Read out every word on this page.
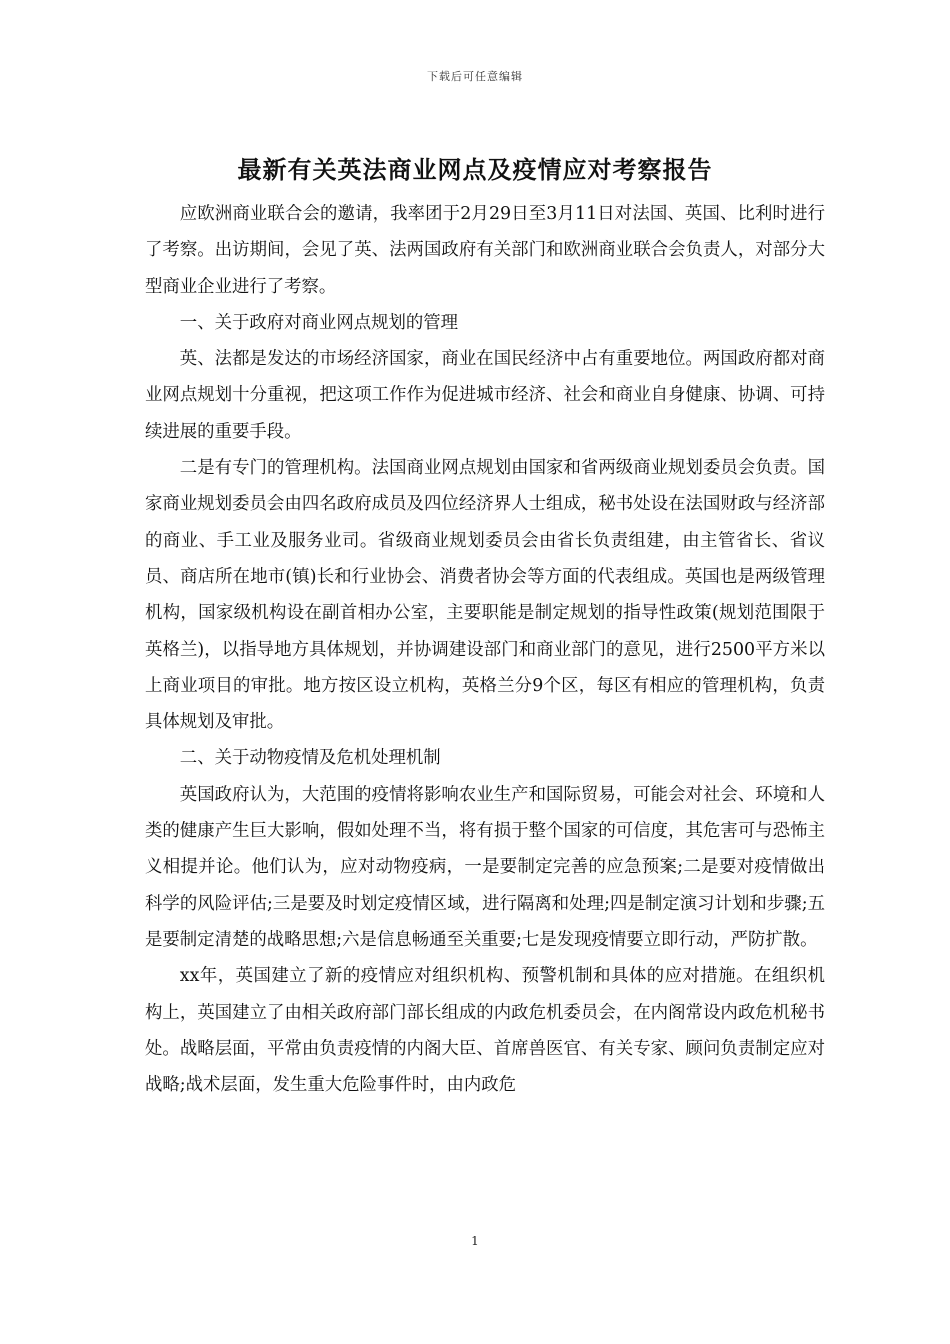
下载后可任意编辑
最新有关英法商业网点及疫情应对考察报告

应欧洲商业联合会的邀请，我率团于2月29日至3月11日对法国、英国、比利时进行了考察。出访期间，会见了英、法两国政府有关部门和欧洲商业联合会负责人，对部分大型商业企业进行了考察。

一、关于政府对商业网点规划的管理

英、法都是发达的市场经济国家，商业在国民经济中占有重要地位。两国政府都对商业网点规划十分重视，把这项工作作为促进城市经济、社会和商业自身健康、协调、可持续进展的重要手段。

二是有专门的管理机构。法国商业网点规划由国家和省两级商业规划委员会负责。国家商业规划委员会由四名政府成员及四位经济界人士组成，秘书处设在法国财政与经济部的商业、手工业及服务业司。省级商业规划委员会由省长负责组建，由主管省长、省议员、商店所在地市(镇)长和行业协会、消费者协会等方面的代表组成。英国也是两级管理机构，国家级机构设在副首相办公室，主要职能是制定规划的指导性政策(规划范围限于英格兰)，以指导地方具体规划，并协调建设部门和商业部门的意见，进行2500平方米以上商业项目的审批。地方按区设立机构，英格兰分9个区，每区有相应的管理机构，负责具体规划及审批。

二、关于动物疫情及危机处理机制

英国政府认为，大范围的疫情将影响农业生产和国际贸易，可能会对社会、环境和人类的健康产生巨大影响，假如处理不当，将有损于整个国家的可信度，其危害可与恐怖主义相提并论。他们认为，应对动物疫病，一是要制定完善的应急预案;二是要对疫情做出科学的风险评估;三是要及时划定疫情区域，进行隔离和处理;四是制定演习计划和步骤;五是要制定清楚的战略思想;六是信息畅通至关重要;七是发现疫情要立即行动，严防扩散。

xx年，英国建立了新的疫情应对组织机构、预警机制和具体的应对措施。在组织机构上，英国建立了由相关政府部门部长组成的内政危机委员会，在内阁常设内政危机秘书处。战略层面，平常由负责疫情的内阁大臣、首席兽医官、有关专家、顾问负责制定应对战略;战术层面，发生重大危险事件时，由内政危

1
